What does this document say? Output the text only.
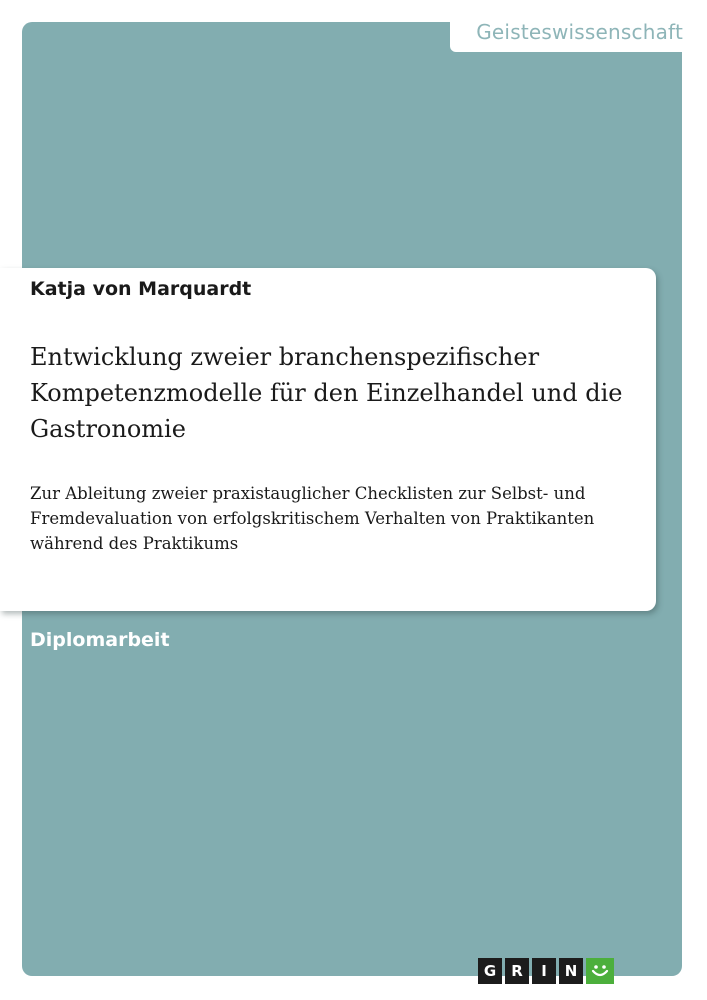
Geisteswissenschaft
Katja von Marquardt
Entwicklung zweier branchenspezifischer Kompetenzmodelle für den Einzelhandel und die Gastronomie
Zur Ableitung zweier praxistauglicher Checklisten zur Selbst- und Fremdevaluation von erfolgskritischem Verhalten von Praktikanten während des Praktikums
Diplomarbeit
G	R	I	N
